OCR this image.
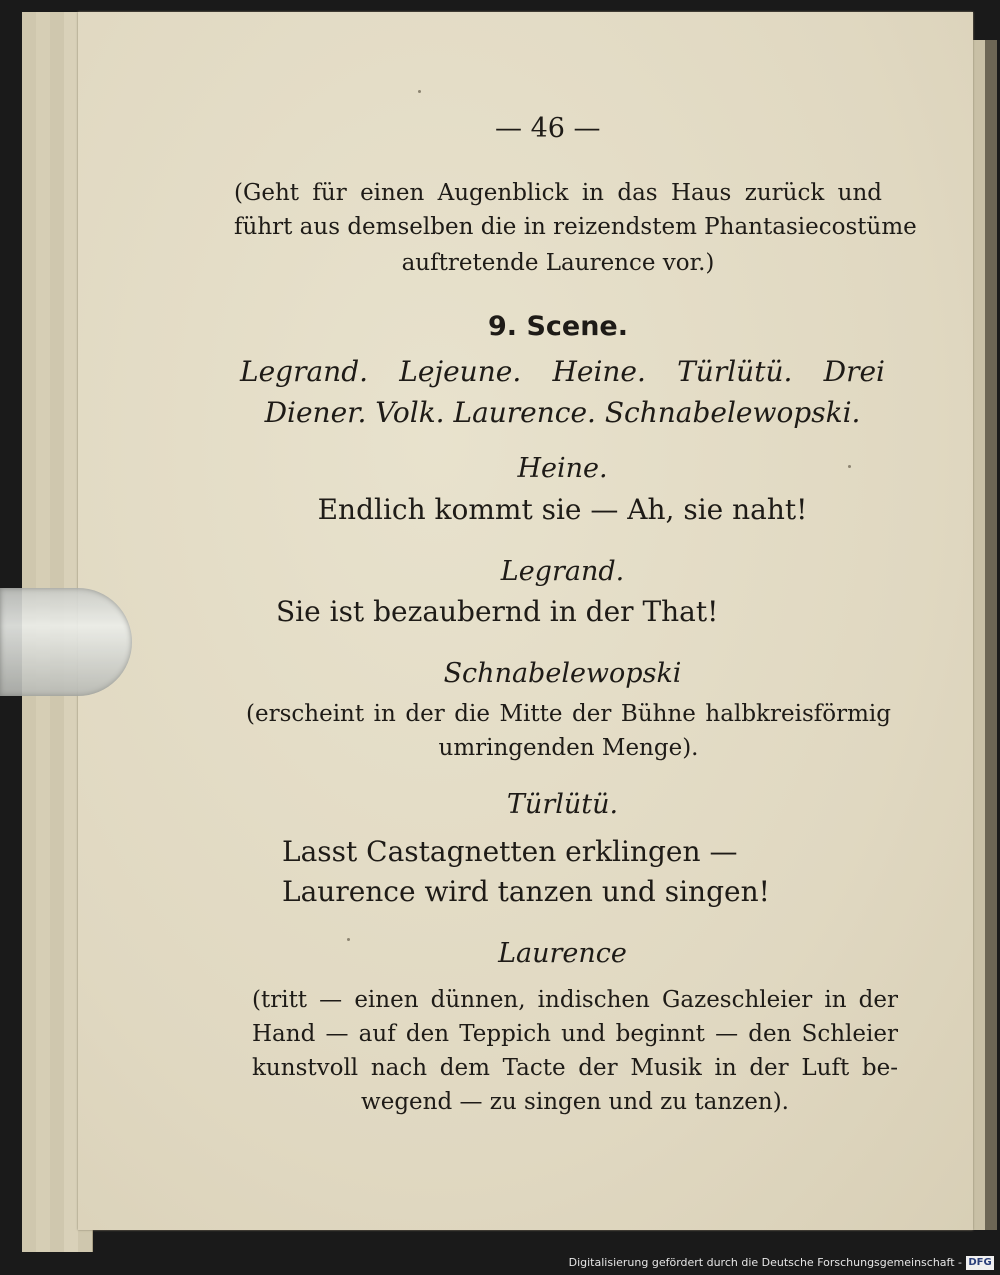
— 46 —
(Geht für einen Augenblick in das Haus zurück und
führt aus demselben die in reizendstem Phantasiecostüme
auftretende Laurence vor.)
9. Scene.
Legrand. Lejeune. Heine. Türlütü. Drei
Diener. Volk. Laurence. Schnabelewopski.
Heine.
Endlich kommt sie — Ah, sie naht!
Legrand.
Sie ist bezaubernd in der That!
Schnabelewopski
(erscheint in der die Mitte der Bühne halbkreisförmig
umringenden Menge).
Türlütü.
Lasst Castagnetten erklingen —
Laurence wird tanzen und singen!
Laurence
(tritt — einen dünnen, indischen Gazeschleier in der
Hand — auf den Teppich und beginnt — den Schleier
kunstvoll nach dem Tacte der Musik in der Luft be-
wegend — zu singen und zu tanzen).
Digitalisierung gefördert durch die Deutsche Forschungsgemeinschaft - DFG
